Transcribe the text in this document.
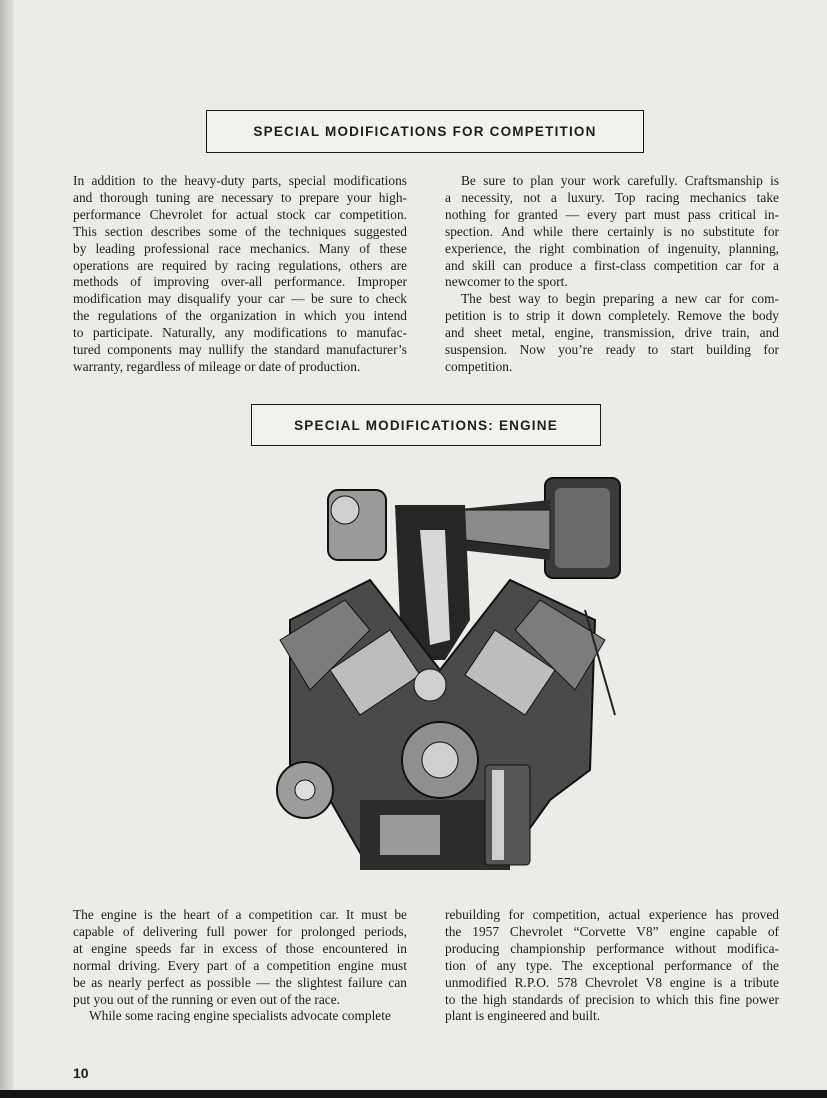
SPECIAL MODIFICATIONS FOR COMPETITION
In addition to the heavy-duty parts, special modifications
and thorough tuning are necessary to prepare your high-
performance Chevrolet for actual stock car competition.
This section describes some of the techniques suggested
by leading professional race mechanics. Many of these
operations are required by racing regulations, others are
methods of improving over-all performance. Improper
modification may disqualify your car — be sure to check
the regulations of the organization in which you intend
to participate. Naturally, any modifications to manufac-
tured components may nullify the standard manufacturer’s
warranty, regardless of mileage or date of production.
Be sure to plan your work carefully. Craftsmanship is
a necessity, not a luxury. Top racing mechanics take
nothing for granted — every part must pass critical in-
spection. And while there certainly is no substitute for
experience, the right combination of ingenuity, planning,
and skill can produce a first-class competition car for a
newcomer to the sport.
The best way to begin preparing a new car for com-
petition is to strip it down completely. Remove the body
and sheet metal, engine, transmission, drive train, and
suspension. Now you’re ready to start building for
competition.
SPECIAL MODIFICATIONS: ENGINE
The engine is the heart of a competition car. It must be
capable of delivering full power for prolonged periods,
at engine speeds far in excess of those encountered in
normal driving. Every part of a competition engine must
be as nearly perfect as possible — the slightest failure can
put you out of the running or even out of the race.
While some racing engine specialists advocate complete
rebuilding for competition, actual experience has proved
the 1957 Chevrolet “Corvette V8” engine capable of
producing championship performance without modifica-
tion of any type. The exceptional performance of the
unmodified R.P.O. 578 Chevrolet V8 engine is a tribute
to the high standards of precision to which this fine power
plant is engineered and built.
10
